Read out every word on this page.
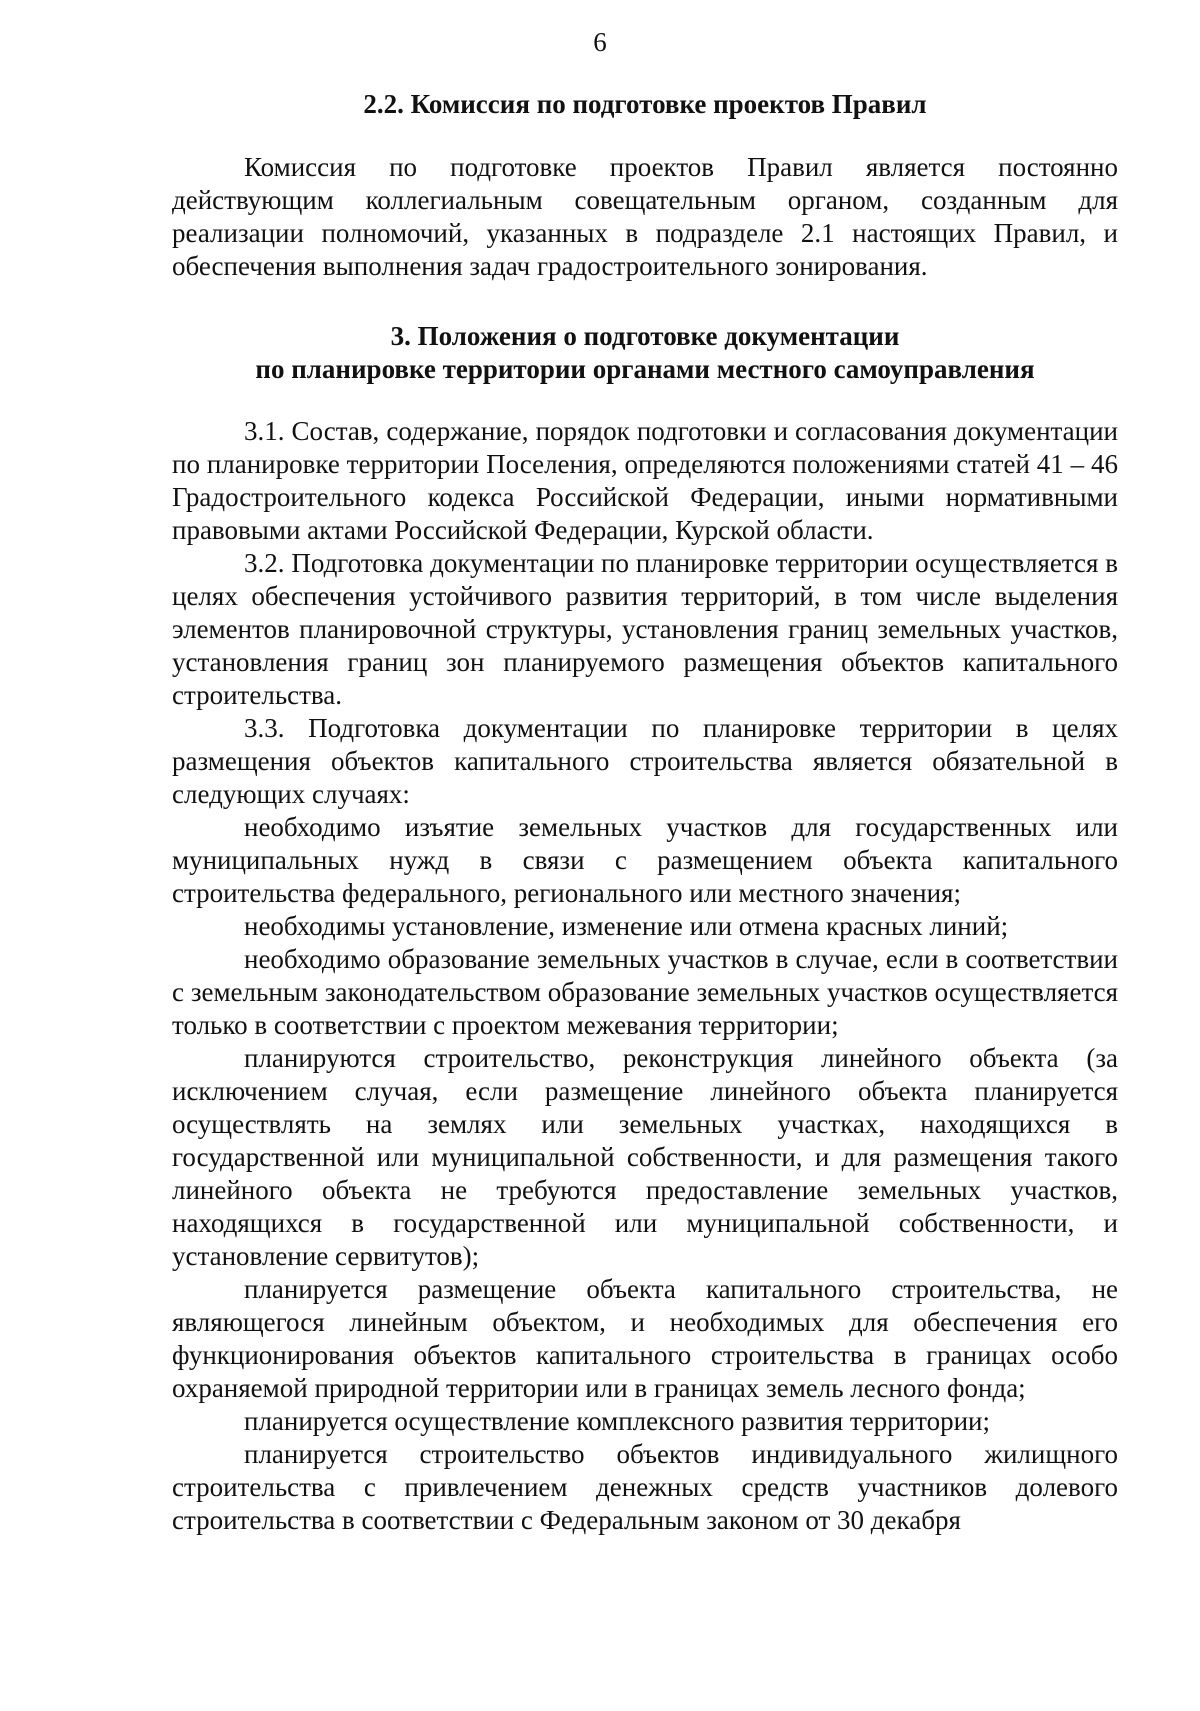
6
2.2. Комиссия по подготовке проектов Правил

Комиссия по подготовке проектов Правил является постоянно действующим коллегиальным совещательным органом, созданным для реализации полномочий, указанных в подразделе 2.1 настоящих Правил, и обеспечения выполнения задач градостроительного зонирования.

3. Положения о подготовке документации
по планировке территории органами местного самоуправления

3.1. Состав, содержание, порядок подготовки и согласования документации по планировке территории Поселения, определяются положениями статей 41 – 46 Градостроительного кодекса Российской Федерации, иными нормативными правовыми актами Российской Федерации, Курской области.

3.2. Подготовка документации по планировке территории осуществляется в целях обеспечения устойчивого развития территорий, в том числе выделения элементов планировочной структуры, установления границ земельных участков, установления границ зон планируемого размещения объектов капитального строительства.

3.3. Подготовка документации по планировке территории в целях размещения объектов капитального строительства является обязательной в следующих случаях:

необходимо изъятие земельных участков для государственных или муниципальных нужд в связи с размещением объекта капитального строительства федерального, регионального или местного значения;

необходимы установление, изменение или отмена красных линий;

необходимо образование земельных участков в случае, если в соответствии с земельным законодательством образование земельных участков осуществляется только в соответствии с проектом межевания территории;

планируются строительство, реконструкция линейного объекта (за исключением случая, если размещение линейного объекта планируется осуществлять на землях или земельных участках, находящихся в государственной или муниципальной собственности, и для размещения такого линейного объекта не требуются предоставление земельных участков, находящихся в государственной или муниципальной собственности, и установление сервитутов);

планируется размещение объекта капитального строительства, не являющегося линейным объектом, и необходимых для обеспечения его функционирования объектов капитального строительства в границах особо охраняемой природной территории или в границах земель лесного фонда;

планируется осуществление комплексного развития территории;

планируется строительство объектов индивидуального жилищного строительства с привлечением денежных средств участников долевого строительства в соответствии с Федеральным законом от 30 декабря
